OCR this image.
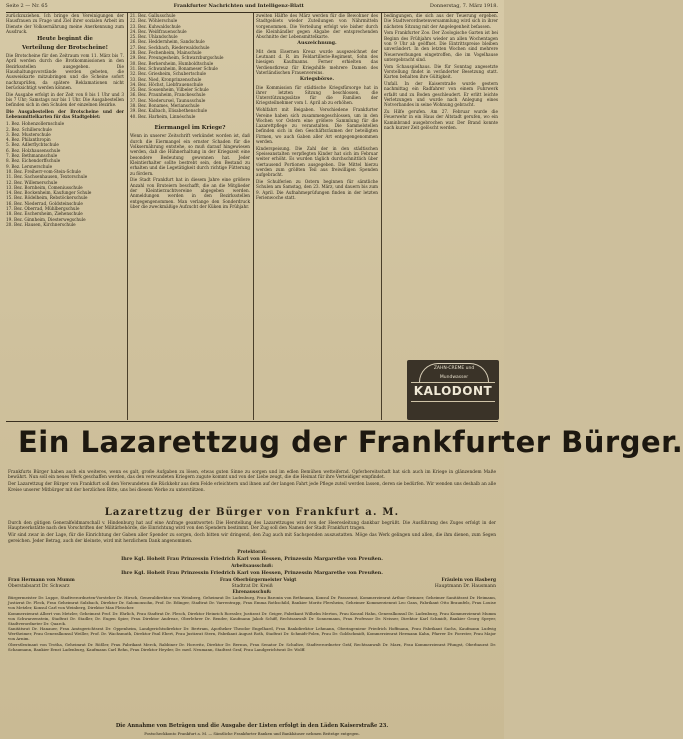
Seite 2 — Nr. 65	Frankfurter Nachrichten und Intelligenz-Blatt	Donnerstag, 7. März 1918.

zurückzuziehen. Ich bringe den Vereinigungen der Hausfrauen zu Frage und Ziel ihrer sozialen Arbeit im Dienste der Volksernährung meine Anerkennung zum Ausdruck.

Heute beginnt die
Verteilung der Brotscheine!

Die Brotscheine für den Zeitraum vom 11. März bis 7. April werden durch die Brotkommissionen in den Bezirksstellen ausgegeben. Die Haushaltungsvorstände werden gebeten, die Ausweiskarte mitzubringen und die Scheine sofort nachzuprüfen, da spätere Reklamationen nicht berücksichtigt werden können.

Die Ausgabe erfolgt in der Zeit von 8 bis 1 Uhr und 3 bis 7 Uhr; Samstags nur bis 1 Uhr. Die Ausgabestellen befinden sich in den Schulen der einzelnen Bezirke.

Die Ausgabestellen der Brotscheine und der Lebensmittelkarten für das Stadtgebiet:

1. Bez. Hohenzollernschule
2. Bez. Schillerschule
3. Bez. Musterschule
4. Bez. Philanthropin
5. Bez. Adlerflychtschule
6. Bez. Holzhausenschule
7. Bez. Bethmannschule
8. Bez. Eichendorffschule
9. Bez. Lersnerschule
10. Bez. Freiherr-vom-Stein-Schule
11. Bez. Sachsenhausen, Textorschule
12. Bez. Willemerschule
13. Bez. Bornheim, Comeniusschule
14. Bez. Bockenheim, Kaufunger Schule
15. Bez. Rödelheim, Rebstöckerschule
16. Bez. Niederrad, Goldsteinschule
17. Bez. Oberrad, Mühlbergschule
18. Bez. Eschersheim, Ziehenschule
19. Bez. Ginnheim, Diesterwegschule
20. Bez. Hausen, Kirchnerschule
21. Bez. Gallusschule
22. Bez. Wöhlerschule
23. Bez. Kuhwaldschule
24. Bez. Weißfrauenschule
25. Bez. Uhlandschule
26. Bez. Heddernheim, Sandschule
27. Bez. Seckbach, Riederwaldschule
28. Bez. Fechenheim, Mainschule
29. Bez. Preungesheim, Schwarzburgschule
30. Bez. Berkersheim, Humboldtschule
31. Bez. Schwanheim, Bonameser Schule
32. Bez. Griesheim, Schubertschule
33. Bez. Nied, Kronprinzenschule
34. Bez. Höchst, Liebfrauenschule
35. Bez. Sossenheim, Vilbeler Schule
36. Bez. Praunheim, Franckeschule
37. Bez. Niederursel, Taunusschule
38. Bez. Bonames, Merianschule
39. Bez. Kalbach, Elisabethenschule
40. Bez. Harheim, Linnéschule
Eiermangel im Kriege?

Wenn in unserer Zeitschrift verkündet worden ist, daß durch die Eiermangel ein ernster Schaden für die Volksernährung entstehe, so muß darauf hingewiesen werden, daß die Hühnerhaltung in der Kriegszeit eine besondere Bedeutung gewonnen hat. Jeder Kleintierhalter sollte bestrebt sein, den Bestand zu erhalten und die Legetätigkeit durch richtige Fütterung zu fördern.

Die Stadt Frankfurt hat in diesem Jahre eine größere Anzahl von Bruteiern beschafft, die an die Mitglieder der Kleintierzuchtvereine abgegeben werden. Anmeldungen werden in den Bezirksstellen entgegengenommen. Man verlange den Sonderdruck über die zweckmäßige Aufzucht der Küken im Frühjahr.

zweiten Hälfte des März werden für die Bewohner des Stadtgebiets wieder Zuteilungen von Nährmitteln vorgenommen. Die Verteilung erfolgt wie bisher durch die Kleinhändler gegen Abgabe der entsprechenden Abschnitte der Lebensmittelkarte.

Auszeichnung.

Mit dem Eisernen Kreuz wurde ausgezeichnet der Leutnant d. R. im Feldartillerie-Regiment, Sohn des hiesigen Kaufmanns. Ferner erhielten das Verdienstkreuz für Kriegshilfe mehrere Damen des Vaterländischen Frauenvereins.

Kriegsbörse.

Die Kommission für städtische Kriegsfürsorge hat in ihrer letzten Sitzung beschlossen, die Unterstützungssätze für die Familien der Kriegsteilnehmer vom 1. April ab zu erhöhen.

Wohlfahrt mit Beigaben. Verschiedene Frankfurter Vereine haben sich zusammengeschlossen, um in den Wochen vor Ostern eine größere Sammlung für die Lazarettpflege zu veranstalten. Die Sammelstellen befinden sich in den Geschäftsräumen der beteiligten Firmen, wo auch Gaben aller Art entgegengenommen werden.

Kinderspeisung. Die Zahl der in den städtischen Speiseanstalten verpflegten Kinder hat sich im Februar weiter erhöht. Es wurden täglich durchschnittlich über viertausend Portionen ausgegeben. Die Mittel hierzu werden zum größten Teil aus freiwilligen Spenden aufgebracht.

Die Schulferien zu Ostern beginnen für sämtliche Schulen am Samstag, den 23. März, und dauern bis zum 9. April. Die Aufnahmeprüfungen finden in der letzten Ferienwoche statt.

bedingungen, die sich aus der Teuerung ergeben. Die Stadtverordnetenversammlung wird sich in ihrer nächsten Sitzung mit der Angelegenheit befassen.

Vom Frankfurter Zoo. Der Zoologische Garten ist bei Beginn des Frühjahrs wieder an allen Wochentagen von 9 Uhr ab geöffnet. Die Eintrittspreise bleiben unverändert. In den letzten Wochen sind mehrere Neuerwerbungen eingetroffen, die im Vogelhause untergebracht sind.

Vom Schauspielhaus. Die für Sonntag angesetzte Vorstellung findet in veränderter Besetzung statt. Karten behalten ihre Gültigkeit.

Unfall. In der Kaiserstraße wurde gestern nachmittag ein Radfahrer von einem Fuhrwerk erfaßt und zu Boden geschleudert. Er erlitt leichte Verletzungen und wurde nach Anlegung eines Notverbandes in seine Wohnung gebracht.

Zu Hilfe gerufen. Am 27. Februar wurde die Feuerwehr in ein Haus der Altstadt gerufen, wo ein Kaminbrand ausgebrochen war. Der Brand konnte nach kurzer Zeit gelöscht werden.

ZAHN-CREME und Mundwasser
KALODONT
Ein Lazarettzug der Frankfurter Bürger.

Frankfurts Bürger haben auch ein weiteres, wenn es galt, große Aufgaben zu lösen, etwas guten Sinne zu sorgen und im edlen Bemühen wetteifernd. Opferbereitschaft hat sich auch im Kriege in glänzendem Maße bewährt. Nun soll ein neues Werk geschaffen werden, das den verwundeten Kriegern zugute kommt und von der Liebe zeugt, die die Heimat für ihre Verteidiger empfindet.

Der Lazarettzug der Bürger von Frankfurt soll den Verwundeten die Rückkehr aus dem Felde erleichtern und ihnen auf der langen Fahrt jede Pflege zuteil werden lassen, deren sie bedürfen. Wir wenden uns deshalb an alle Kreise unserer Mitbürger mit der herzlichen Bitte, uns bei diesem Werke zu unterstützen.

Lazarettzug der Bürger von Frankfurt a. M.

Durch den gütigen Generalfeldmarschall v. Hindenburg hat auf eine Anfrage geantwortet: Die Herstellung des Lazarettzuges wird von der Heeresleitung dankbar begrüßt. Die Ausführung des Zuges erfolgt in der Hauptwerkstätte nach den Vorschriften der Militärbehörde, die Einrichtung wird von den Spendern bestimmt. Der Zug soll den Namen der Stadt Frankfurt tragen.

Wir sind zwar in der Lage, für die Einrichtung der Gaben aller Spender zu sorgen, doch bitten wir dringend, den Zug auch mit Sachspenden auszustatten. Möge das Werk gelingen und allen, die ihm dienen, zum Segen gereichen. Jeder Betrag, auch der kleinste, wird mit herzlichem Dank angenommen.

Protektorat:
Ihre Kgl. Hoheit Frau Prinzessin Friedrich Karl von Hessen, Prinzessin Margarethe von Preußen.
Arbeitsausschuß:
Ihre Kgl. Hoheit Frau Prinzessin Friedrich Karl von Hessen, Prinzessin Margarethe von Preußen.
Frau Hermann von Mumm	Frau Oberbürgermeister Voigt	Fräulein von Hasberg
Oberstabsarzt Dr. Schwarz	Stadtrat Dr. Kreiß	Hauptmann Dr. Hausmann
Ehrenausschuß:

Bürgermeister Dr. Luppe, Stadtverordneten-Vorsteher Dr. Hirsch, Generaldirektor von Weinberg, Geheimrat Dr. Ladenburg, Frau Baronin von Bethmann, Konsul Dr. Passavant, Kommerzienrat Arthur Gwinner, Geheimer Sanitätsrat Dr. Heimann, Justizrat Dr. Fleck, Frau Geheimrat Sulzbach, Direktor Dr. Salomonsohn, Prof. Dr. Edinger, Stadtrat Dr. Varrentrapp, Frau Emma Rothschild, Bankier Moritz Flersheim, Geheimer Kommerzienrat Leo Gans, Fabrikant Otto Braunfels, Frau Louise von Metzler, Konsul Carl von Weinberg, Direktor Max Fleischer.

Kommerzienrat Albert von Metzler, Geheimrat Prof. Dr. Ehrlich, Frau Stadtrat Dr. Flesch, Direktor Heinrich Roessler, Justizrat Dr. Geiger, Fabrikant Wilhelm Merton, Frau Konsul Hahn, Generalkonsul Dr. Ladenburg, Frau Kommerzienrat Mumm von Schwarzenstein, Stadtrat Dr. Stadler, Dr. Eugen Spier, Frau Direktor Andreae, Oberlehrer Dr. Bender, Kaufmann Jakob Schiff, Rechtsanwalt Dr. Sonnemann, Frau Professor Dr. Neisser, Direktor Karl Schmidt, Bankier Georg Speyer, Stadtverordneter Dr. Quarck.

Sanitätsrat Dr. Hanauer, Frau Amtsgerichtsrat Dr. Oppenheim, Landgerichtsdirektor Dr. Bertram, Apotheker Theodor Engelhard, Frau Bankdirektor Lehmann, Oberingenieur Friedrich Hoffmann, Frau Fabrikant Sachs, Kaufmann Ludwig Wertheimer, Frau Generalkonsul Weiller, Prof. Dr. Wachsmuth, Direktor Paul Ebert, Frau Justizrat Stern, Fabrikant August Roth, Stadtrat Dr. Schmidt-Polex, Frau Dr. Goldschmidt, Kommerzienrat Hermann Kahn, Pfarrer Dr. Foerster, Frau Major von Arnim.

Oberstleutnant von Trotha, Geheimrat Dr. Rößler, Frau Fabrikant Merck, Rabbiner Dr. Horovitz, Direktor Dr. Bernus, Frau Senator Dr. Schultze, Stadtverordneter Gräf, Rechtsanwalt Dr. Marx, Frau Kommerzienrat Pfungst, Oberbaurat Dr. Schaumann, Bankier Ernst Ladenburg, Kaufmann Carl Rehn, Frau Direktor Heyder, Dr. med. Neumann, Stadtrat Graf, Frau Landgerichtsrat Dr. Wolff.

Die Annahme von Beträgen und die Ausgabe der Listen erfolgt in den Läden Kaiserstraße 23.
Postscheckkonto Frankfurt a. M. — Sämtliche Frankfurter Banken und Bankhäuser nehmen Beiträge entgegen.
